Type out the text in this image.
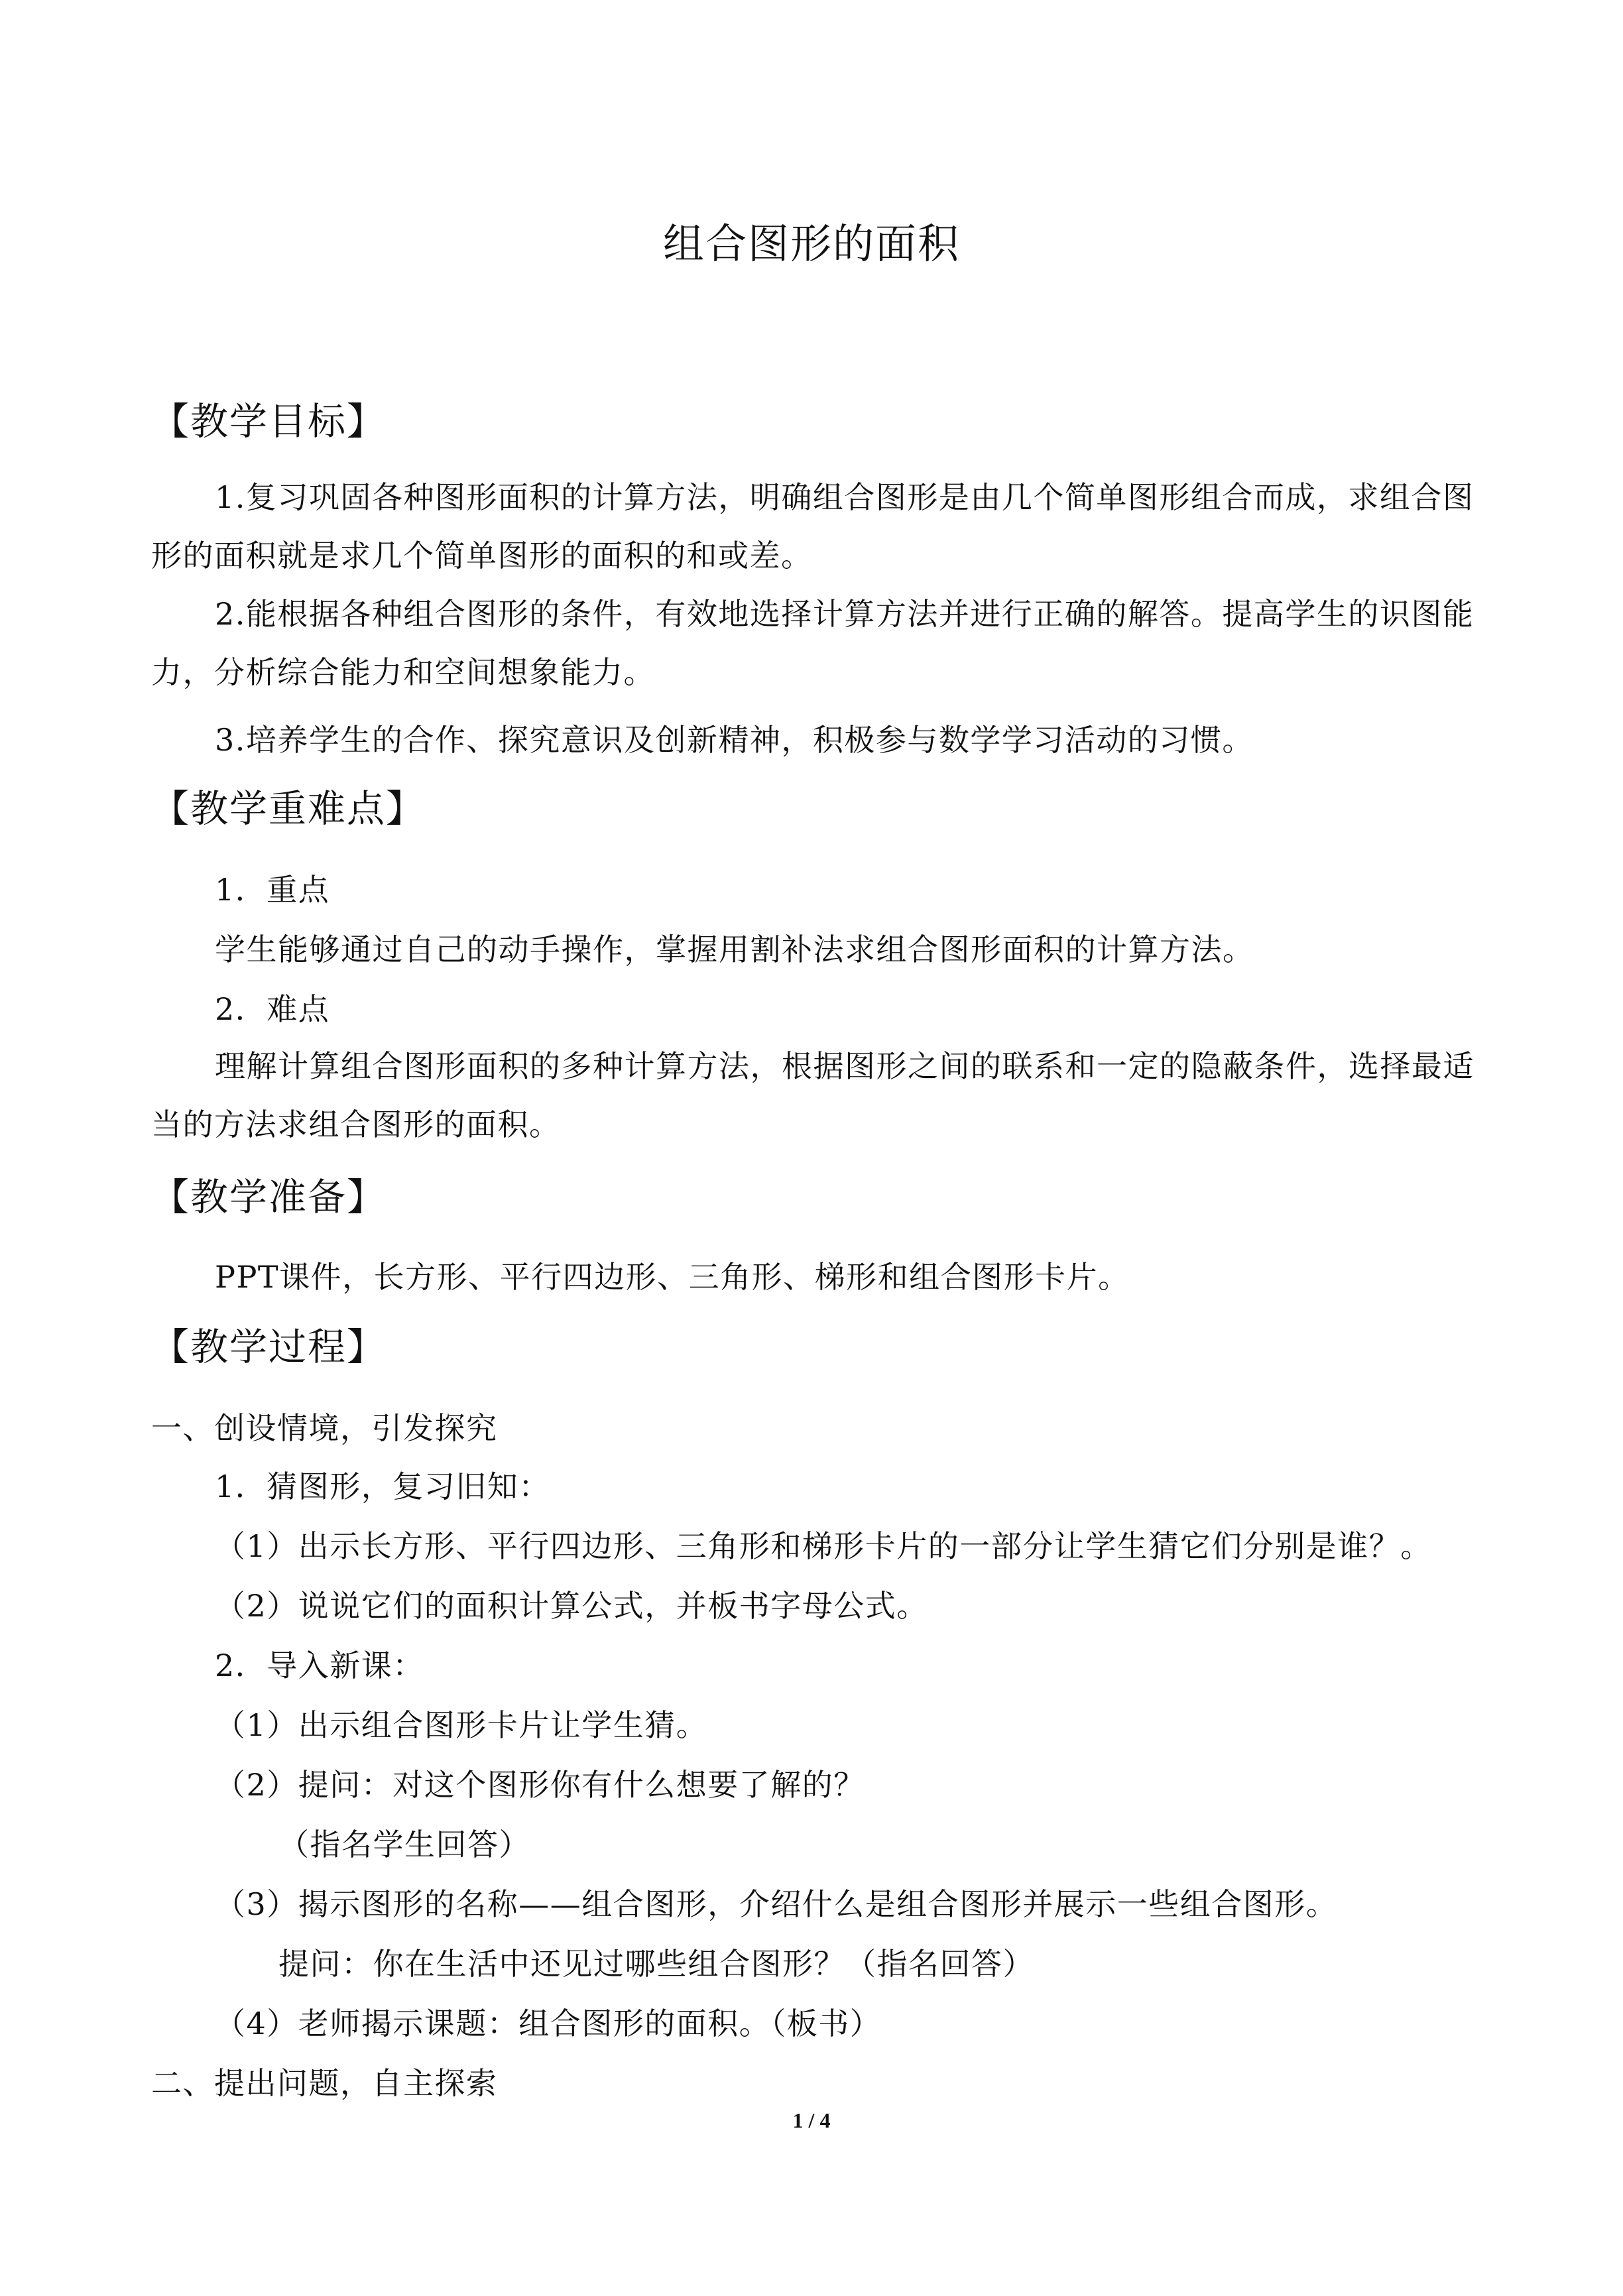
组合图形的面积
【教学目标】
1.复习巩固各种图形面积的计算方法，明确组合图形是由几个简单图形组合而成，求组合图形的面积就是求几个简单图形的面积的和或差。
2.能根据各种组合图形的条件，有效地选择计算方法并进行正确的解答。提高学生的识图能力，分析综合能力和空间想象能力。
3.培养学生的合作、探究意识及创新精神，积极参与数学学习活动的习惯。
【教学重难点】
1．重点
学生能够通过自己的动手操作，掌握用割补法求组合图形面积的计算方法。
2．难点
理解计算组合图形面积的多种计算方法，根据图形之间的联系和一定的隐蔽条件，选择最适当的方法求组合图形的面积。
【教学准备】
PPT课件，长方形、平行四边形、三角形、梯形和组合图形卡片。
【教学过程】
一、创设情境，引发探究
1．猜图形，复习旧知：
（1）出示长方形、平行四边形、三角形和梯形卡片的一部分让学生猜它们分别是谁？。
（2）说说它们的面积计算公式，并板书字母公式。
2．导入新课：
（1）出示组合图形卡片让学生猜。
（2）提问：对这个图形你有什么想要了解的？
（指名学生回答）
（3）揭示图形的名称——组合图形，介绍什么是组合图形并展示一些组合图形。
提问：你在生活中还见过哪些组合图形？（指名回答）
（4）老师揭示课题：组合图形的面积。（板书）
二、提出问题，自主探索
1 / 4
